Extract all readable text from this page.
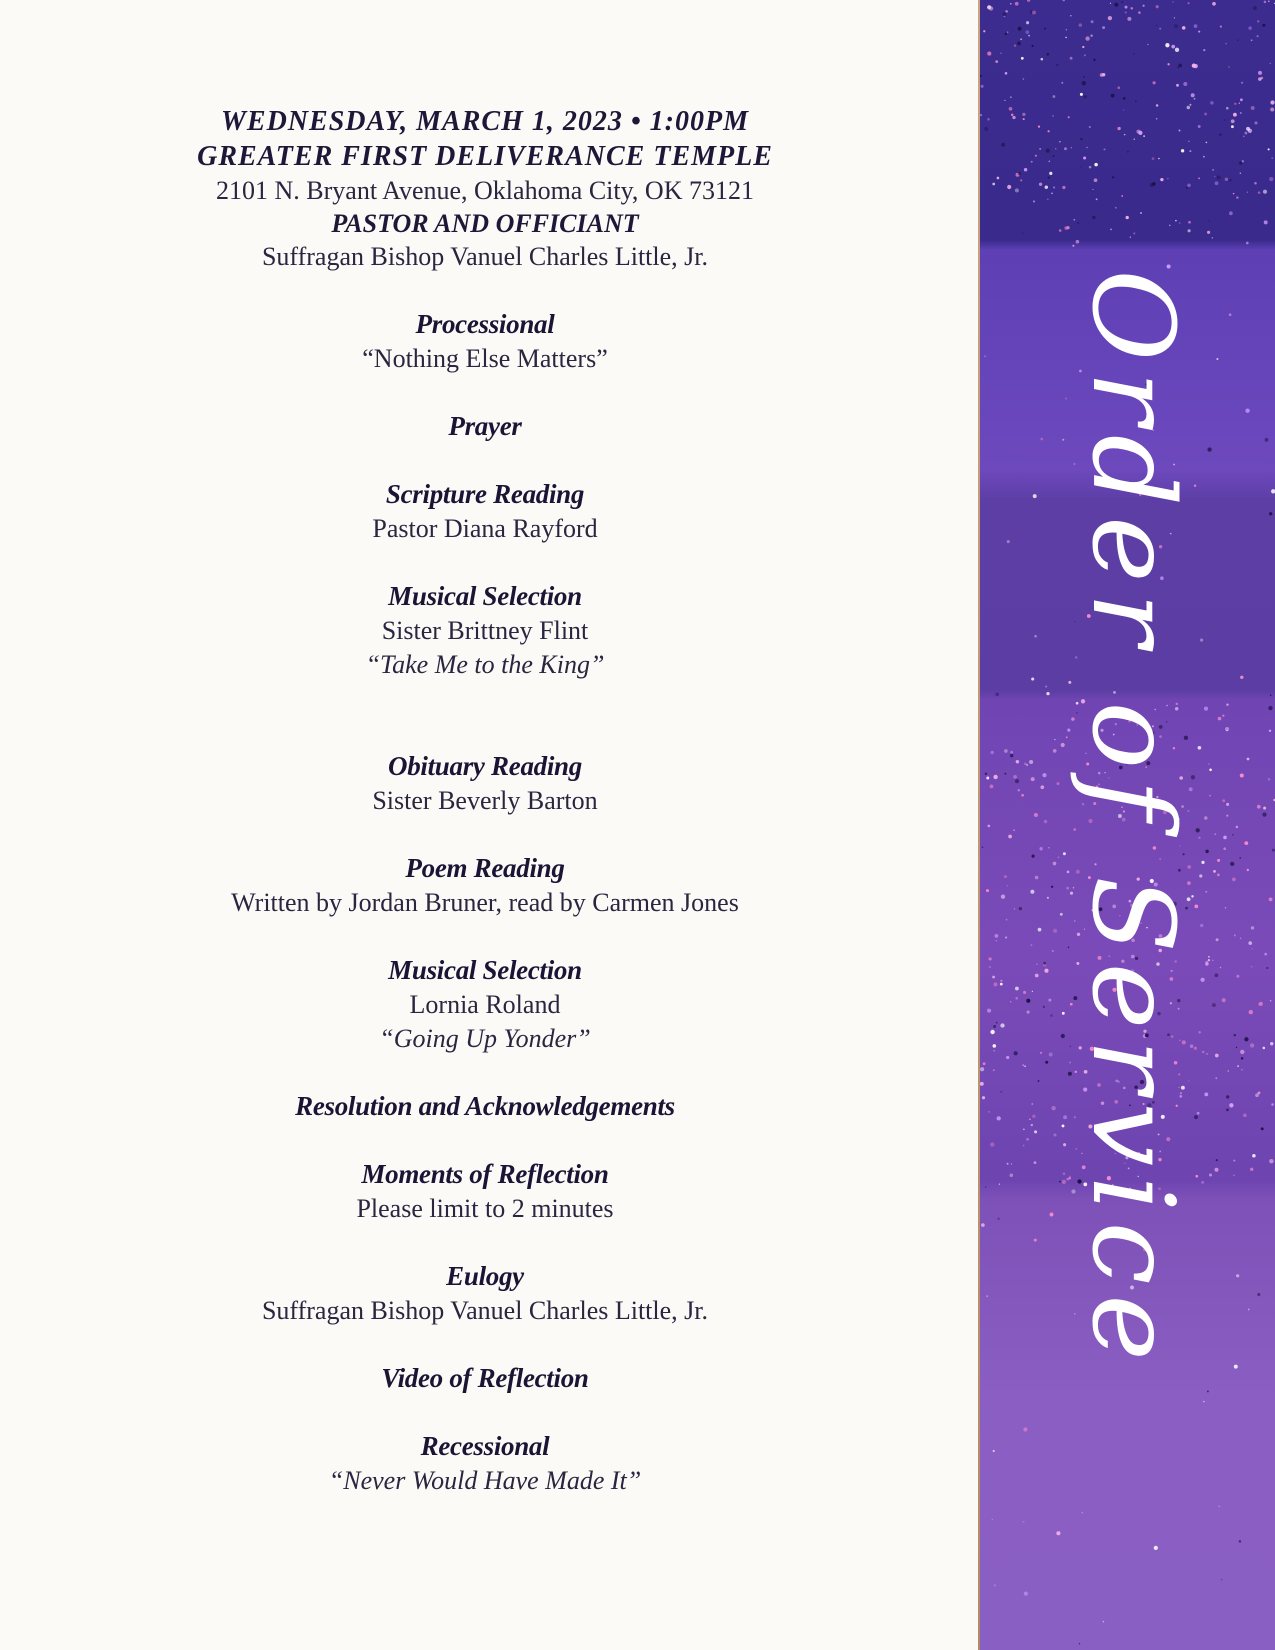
WEDNESDAY, MARCH 1, 2023 • 1:00PM
GREATER FIRST DELIVERANCE TEMPLE
2101 N. Bryant Avenue, Oklahoma City, OK 73121
PASTOR AND OFFICIANT
Suffragan Bishop Vanuel Charles Little, Jr.
Processional
“Nothing Else Matters”
Prayer
Scripture Reading
Pastor Diana Rayford
Musical Selection
Sister Brittney Flint
“Take Me to the King”
Obituary Reading
Sister Beverly Barton
Poem Reading
Written by Jordan Bruner, read by Carmen Jones
Musical Selection
Lornia Roland
“Going Up Yonder”
Resolution and Acknowledgements
Moments of Reflection
Please limit to 2 minutes
Eulogy
Suffragan Bishop Vanuel Charles Little, Jr.
Video of Reflection
Recessional
“Never Would Have Made It”
Order of Service
